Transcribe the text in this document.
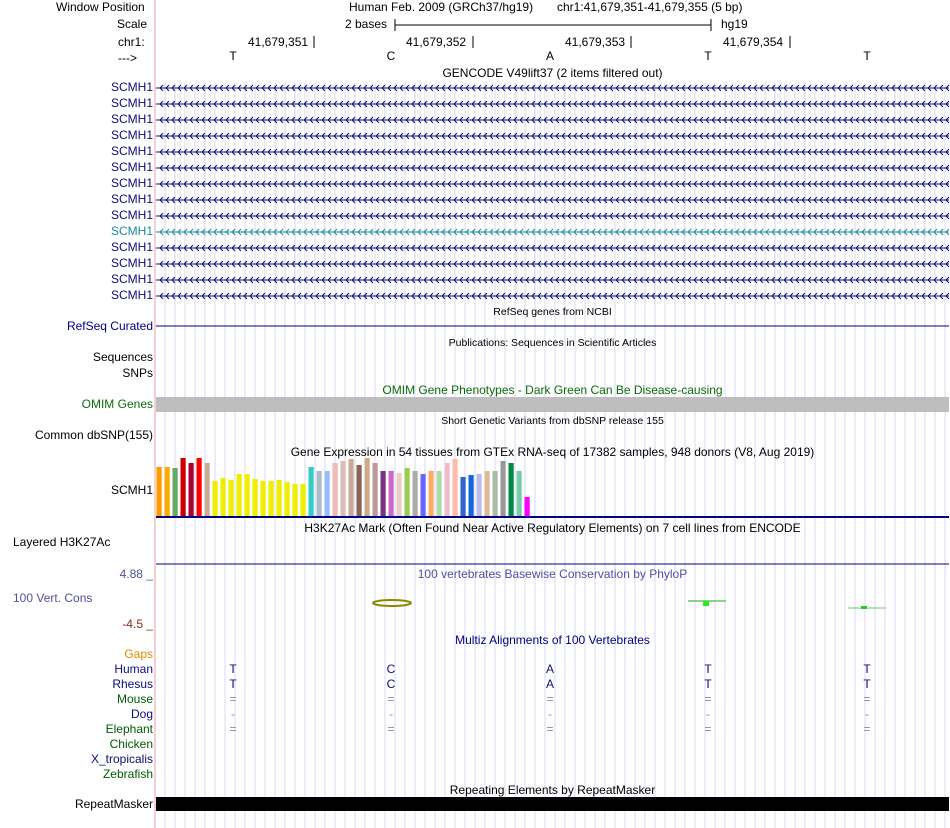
Window Position	Human Feb. 2009 (GRCh37/hg19) chr1:41,679,351-41,679,355 (5 bp)
Scale	2 bases	hg19
chr1:	41,679,351	41,679,352	41,679,353	41,679,354
--->	T	C	A	T	T
GENCODE V49lift37 (2 items filtered out)
SCMH1
SCMH1
SCMH1
SCMH1
SCMH1
SCMH1
SCMH1
SCMH1
SCMH1
SCMH1
SCMH1
SCMH1
SCMH1
SCMH1
RefSeq genes from NCBI
RefSeq Curated
Publications: Sequences in Scientific Articles
Sequences
SNPs
OMIM Gene Phenotypes - Dark Green Can Be Disease-causing
OMIM Genes
Short Genetic Variants from dbSNP release 155
Common dbSNP(155)
Gene Expression in 54 tissues from GTEx RNA-seq of 17382 samples, 948 donors (V8, Aug 2019)
SCMH1
H3K27Ac Mark (Often Found Near Active Regulatory Elements) on 7 cell lines from ENCODE
Layered H3K27Ac
100 vertebrates Basewise Conservation by PhyloP
4.88 _
100 Vert. Cons
-4.5 _
Multiz Alignments of 100 Vertebrates
Gaps
Human	T	C	A	T	T
Rhesus	T	C	A	T	T
Mouse	=	=	=	=	=
Dog	-	-	-	-	-
Elephant	=	=	=	=	=
Chicken
X_tropicalis
Zebrafish
Repeating Elements by RepeatMasker
RepeatMasker
